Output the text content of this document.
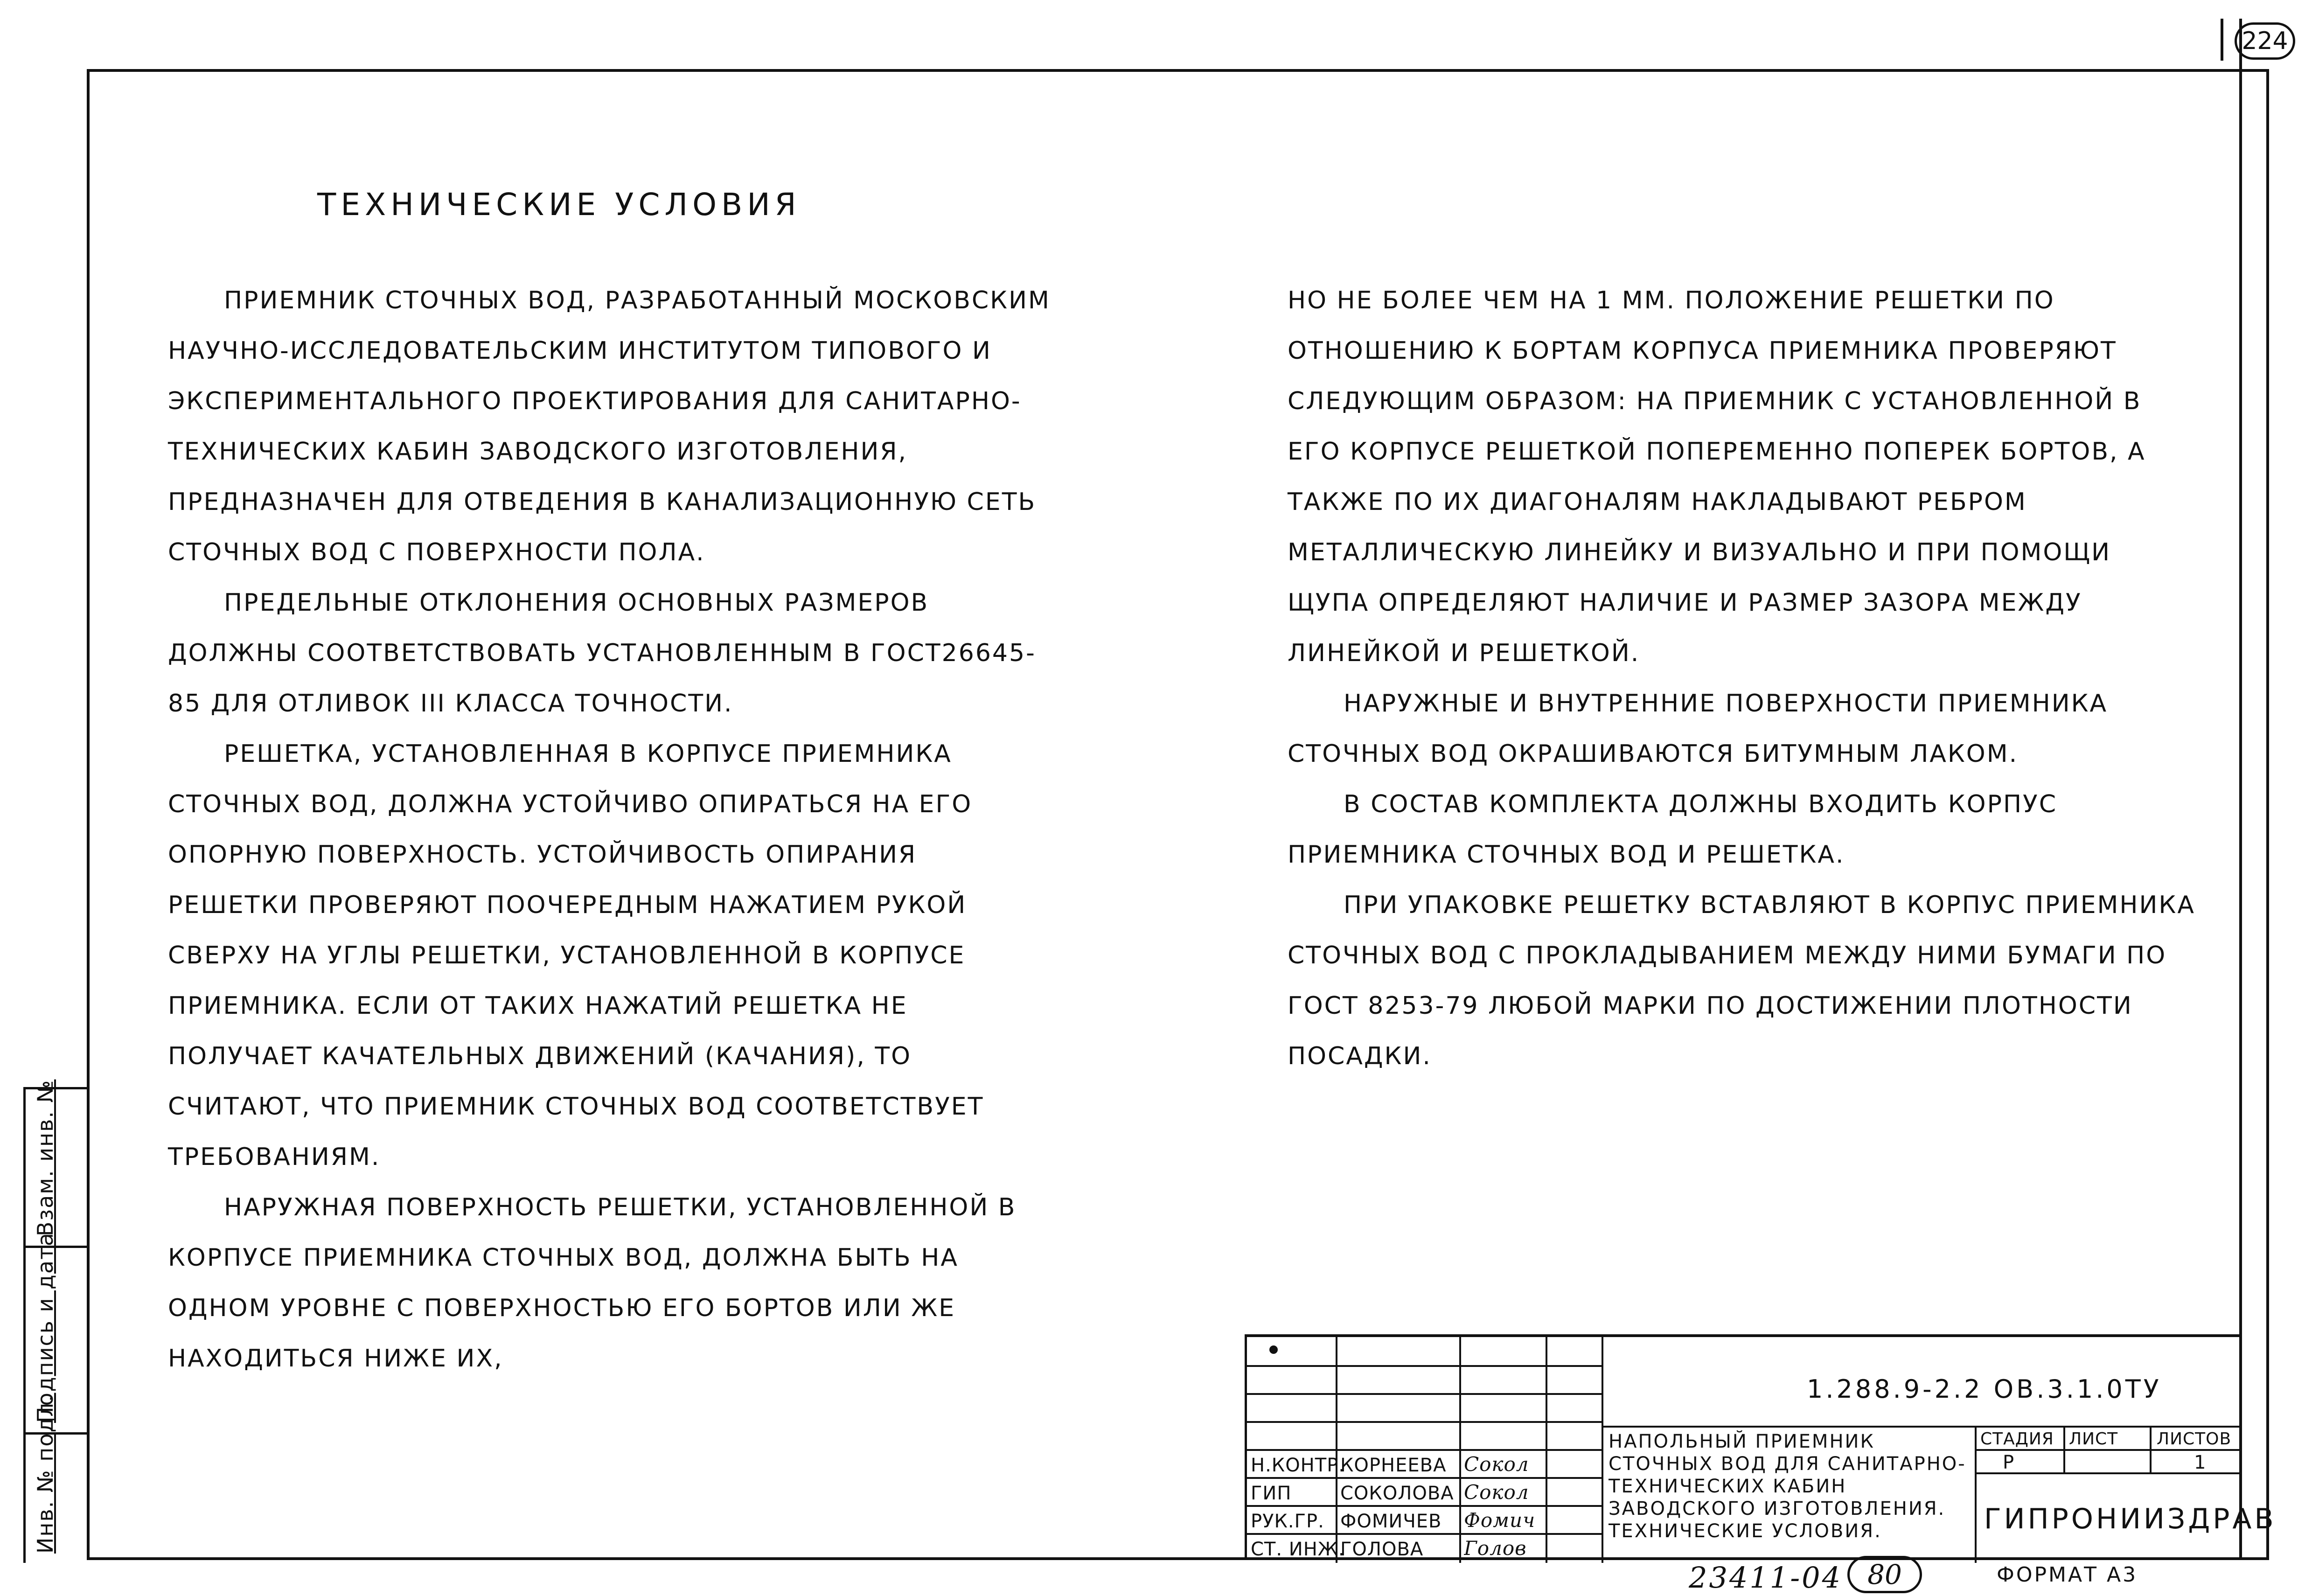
224
ТЕХНИЧЕСКИЕ УСЛОВИЯ

ПРИЕМНИК СТОЧНЫХ ВОД, РАЗРАБОТАННЫЙ МОСКОВСКИМ НАУЧНО-ИССЛЕДОВАТЕЛЬСКИМ ИНСТИТУТОМ ТИПОВОГО И ЭКСПЕРИМЕНТАЛЬНОГО ПРОЕКТИРОВАНИЯ ДЛЯ САНИТАРНО-ТЕХНИЧЕСКИХ КАБИН ЗАВОДСКОГО ИЗГОТОВЛЕНИЯ, ПРЕДНАЗНАЧЕН ДЛЯ ОТВЕДЕНИЯ В КАНАЛИЗАЦИОННУЮ СЕТЬ СТОЧНЫХ ВОД С ПОВЕРХНОСТИ ПОЛА.

ПРЕДЕЛЬНЫЕ ОТКЛОНЕНИЯ ОСНОВНЫХ РАЗМЕРОВ ДОЛЖНЫ СООТВЕТСТВОВАТЬ УСТАНОВЛЕННЫМ В ГОСТ26645-85 ДЛЯ ОТЛИВОК III КЛАССА ТОЧНОСТИ.

РЕШЕТКА, УСТАНОВЛЕННАЯ В КОРПУСЕ ПРИЕМНИКА СТОЧНЫХ ВОД, ДОЛЖНА УСТОЙЧИВО ОПИРАТЬСЯ НА ЕГО ОПОРНУЮ ПОВЕРХНОСТЬ. УСТОЙЧИВОСТЬ ОПИРАНИЯ РЕШЕТКИ ПРОВЕРЯЮТ ПООЧЕРЕДНЫМ НАЖАТИЕМ РУКОЙ СВЕРХУ НА УГЛЫ РЕШЕТКИ, УСТАНОВЛЕННОЙ В КОРПУСЕ ПРИЕМНИКА. ЕСЛИ ОТ ТАКИХ НАЖАТИЙ РЕШЕТКА НЕ ПОЛУЧАЕТ КАЧАТЕЛЬНЫХ ДВИЖЕНИЙ (КАЧАНИЯ), ТО СЧИТАЮТ, ЧТО ПРИЕМНИК СТОЧНЫХ ВОД СООТВЕТСТВУЕТ ТРЕБОВАНИЯМ.

НАРУЖНАЯ ПОВЕРХНОСТЬ РЕШЕТКИ, УСТАНОВЛЕННОЙ В КОРПУСЕ ПРИЕМНИКА СТОЧНЫХ ВОД, ДОЛЖНА БЫТЬ НА ОДНОМ УРОВНЕ С ПОВЕРХНОСТЬЮ ЕГО БОРТОВ ИЛИ ЖЕ НАХОДИТЬСЯ НИЖЕ ИХ,

НО НЕ БОЛЕЕ ЧЕМ НА 1 ММ. ПОЛОЖЕНИЕ РЕШЕТКИ ПО ОТНОШЕНИЮ К БОРТАМ КОРПУСА ПРИЕМНИКА ПРОВЕРЯЮТ СЛЕДУЮЩИМ ОБРАЗОМ: НА ПРИЕМНИК С УСТАНОВЛЕННОЙ В ЕГО КОРПУСЕ РЕШЕТКОЙ ПОПЕРЕМЕННО ПОПЕРЕК БОРТОВ, А ТАКЖЕ ПО ИХ ДИАГОНАЛЯМ НАКЛАДЫВАЮТ РЕБРОМ МЕТАЛЛИЧЕСКУЮ ЛИНЕЙКУ И ВИЗУАЛЬНО И ПРИ ПОМОЩИ ЩУПА ОПРЕДЕЛЯЮТ НАЛИЧИЕ И РАЗМЕР ЗАЗОРА МЕЖДУ ЛИНЕЙКОЙ И РЕШЕТКОЙ.

НАРУЖНЫЕ И ВНУТРЕННИЕ ПОВЕРХНОСТИ ПРИЕМНИКА СТОЧНЫХ ВОД ОКРАШИВАЮТСЯ БИТУМНЫМ ЛАКОМ.

В СОСТАВ КОМПЛЕКТА ДОЛЖНЫ ВХОДИТЬ КОРПУС ПРИЕМНИКА СТОЧНЫХ ВОД И РЕШЕТКА.

ПРИ УПАКОВКЕ РЕШЕТКУ ВСТАВЛЯЮТ В КОРПУС ПРИЕМНИКА СТОЧНЫХ ВОД С ПРОКЛАДЫВАНИЕМ МЕЖДУ НИМИ БУМАГИ ПО ГОСТ 8253-79 ЛЮБОЙ МАРКИ ПО ДОСТИЖЕНИИ ПЛОТНОСТИ ПОСАДКИ.

Взам. инв. №
Подпись и дата
Инв. № подл.
1.288.9-2.2 ОВ.3.1.0ТУ
Н.КОНТР.
ГИП
РУК.ГР.
СТ. ИНЖ.
КОРНЕЕВА
СОКОЛОВА
ФОМИЧЕВ
ГОЛОВА
Сокол
Сокол
Фомич
Голов
НАПОЛЬНЫЙ ПРИЕМНИК СТОЧНЫХ ВОД ДЛЯ САНИТАРНО-ТЕХНИЧЕСКИХ КАБИН ЗАВОДСКОГО ИЗГОТОВЛЕНИЯ. ТЕХНИЧЕСКИЕ УСЛОВИЯ.
СТАДИЯ ЛИСТ ЛИСТОВ
Р	1
ГИПРОНИИЗДРАВ
23411-04 80	ФОРМАТ А3
